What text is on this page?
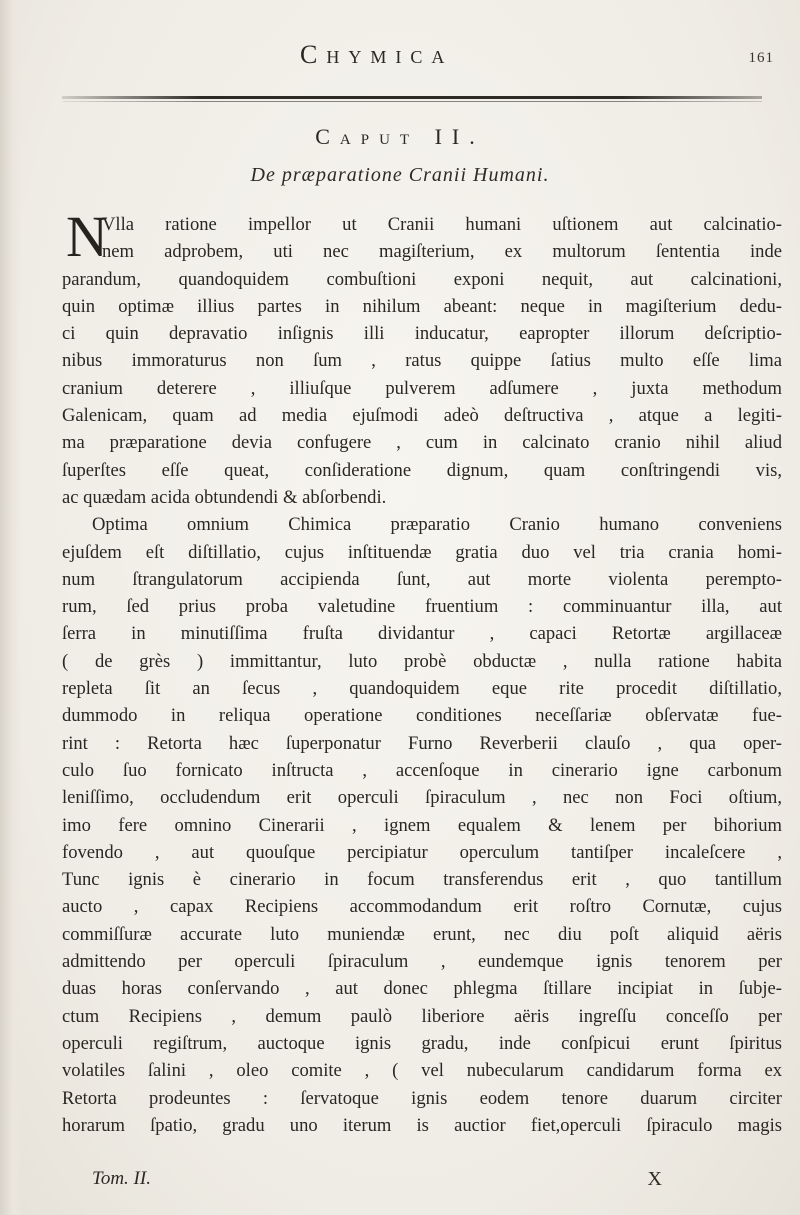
Chymica	161
Caput II.
De præparatione Cranii Humani.
N
Vlla ratione impellor ut Cranii humani uſtionem aut calcinatio-
nem adprobem, uti nec magiſterium, ex multorum ſententia inde
parandum, quandoquidem combuſtioni exponi nequit, aut calcinationi,
quin optimæ illius partes in nihilum abeant: neque in magiſterium dedu-
ci quin depravatio inſignis illi inducatur, eapropter illorum deſcriptio-
nibus immoraturus non ſum , ratus quippe ſatius multo eſſe lima
cranium deterere , illiuſque pulverem adſumere , juxta methodum
Galenicam, quam ad media ejuſmodi adeò deſtructiva , atque a legiti-
ma præparatione devia confugere , cum in calcinato cranio nihil aliud
ſuperſtes eſſe queat, conſideratione dignum, quam conſtringendi vis,
ac quædam acida obtundendi & abſorbendi.
Optima omnium Chimica præparatio Cranio humano conveniens
ejuſdem eſt diſtillatio, cujus inſtituendæ gratia duo vel tria crania homi-
num ſtrangulatorum accipienda ſunt, aut morte violenta perempto-
rum, ſed prius proba valetudine fruentium : comminuantur illa, aut
ſerra in minutiſſima fruſta dividantur , capaci Retortæ argillaceæ
( de grès ) immittantur, luto probè obductæ , nulla ratione habita
repleta ſit an ſecus , quandoquidem eque rite procedit diſtillatio,
dummodo in reliqua operatione conditiones neceſſariæ obſervatæ fue-
rint : Retorta hæc ſuperponatur Furno Reverberii clauſo , qua oper-
culo ſuo fornicato inſtructa , accenſoque in cinerario igne carbonum
leniſſimo, occludendum erit operculi ſpiraculum , nec non Foci oſtium,
imo fere omnino Cinerarii , ignem equalem & lenem per bihorium
fovendo , aut quouſque percipiatur operculum tantiſper incaleſcere ,
Tunc ignis è cinerario in focum transferendus erit , quo tantillum
aucto , capax Recipiens accommodandum erit roſtro Cornutæ, cujus
commiſſuræ accurate luto muniendæ erunt, nec diu poſt aliquid aëris
admittendo per operculi ſpiraculum , eundemque ignis tenorem per
duas horas conſervando , aut donec phlegma ſtillare incipiat in ſubje-
ctum Recipiens , demum paulò liberiore aëris ingreſſu conceſſo per
operculi regiſtrum, auctoque ignis gradu, inde conſpicui erunt ſpiritus
volatiles ſalini , oleo comite , ( vel nubecularum candidarum forma ex
Retorta prodeuntes : ſervatoque ignis eodem tenore duarum circiter
horarum ſpatio, gradu uno iterum is auctior fiet,operculi ſpiraculo magis
Tom. II.	X
